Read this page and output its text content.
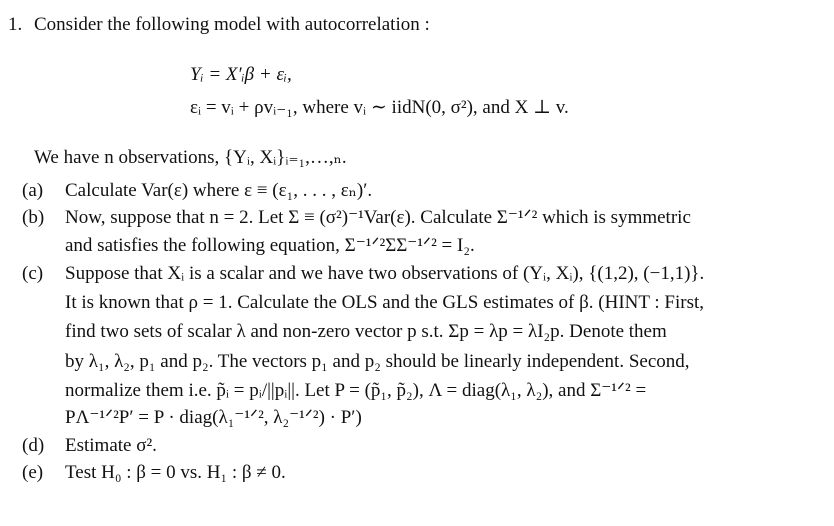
1. Consider the following model with autocorrelation :
Yᵢ = X′ᵢβ + εᵢ,
εᵢ = vᵢ + ρvᵢ₋₁, where vᵢ ∼ iidN(0, σ²), and X ⊥ v.
We have n observations, {Yᵢ, Xᵢ}ᵢ₌₁,…,ₙ.
(a) Calculate Var(ε) where ε ≡ (ε₁, . . . , εₙ)′.
(b) Now, suppose that n = 2. Let Σ ≡ (σ²)⁻¹Var(ε). Calculate Σ⁻¹ᐟ² which is symmetric
and satisfies the following equation, Σ⁻¹ᐟ²ΣΣ⁻¹ᐟ² = I₂.
(c) Suppose that Xᵢ is a scalar and we have two observations of (Yᵢ, Xᵢ), {(1,2), (−1,1)}.
It is known that ρ = 1. Calculate the OLS and the GLS estimates of β. (HINT : First,
find two sets of scalar λ and non-zero vector p s.t. Σp = λp = λI₂p. Denote them
by λ₁, λ₂, p₁ and p₂. The vectors p₁ and p₂ should be linearly independent. Second,
normalize them i.e. p̃ᵢ = pᵢ/||pᵢ||. Let P = (p̃₁, p̃₂), Λ = diag(λ₁, λ₂), and Σ⁻¹ᐟ² =
PΛ⁻¹ᐟ²P′ = P · diag(λ₁⁻¹ᐟ², λ₂⁻¹ᐟ²) · P′)
(d) Estimate σ².
(e) Test H₀ : β = 0 vs. H₁ : β ≠ 0.
